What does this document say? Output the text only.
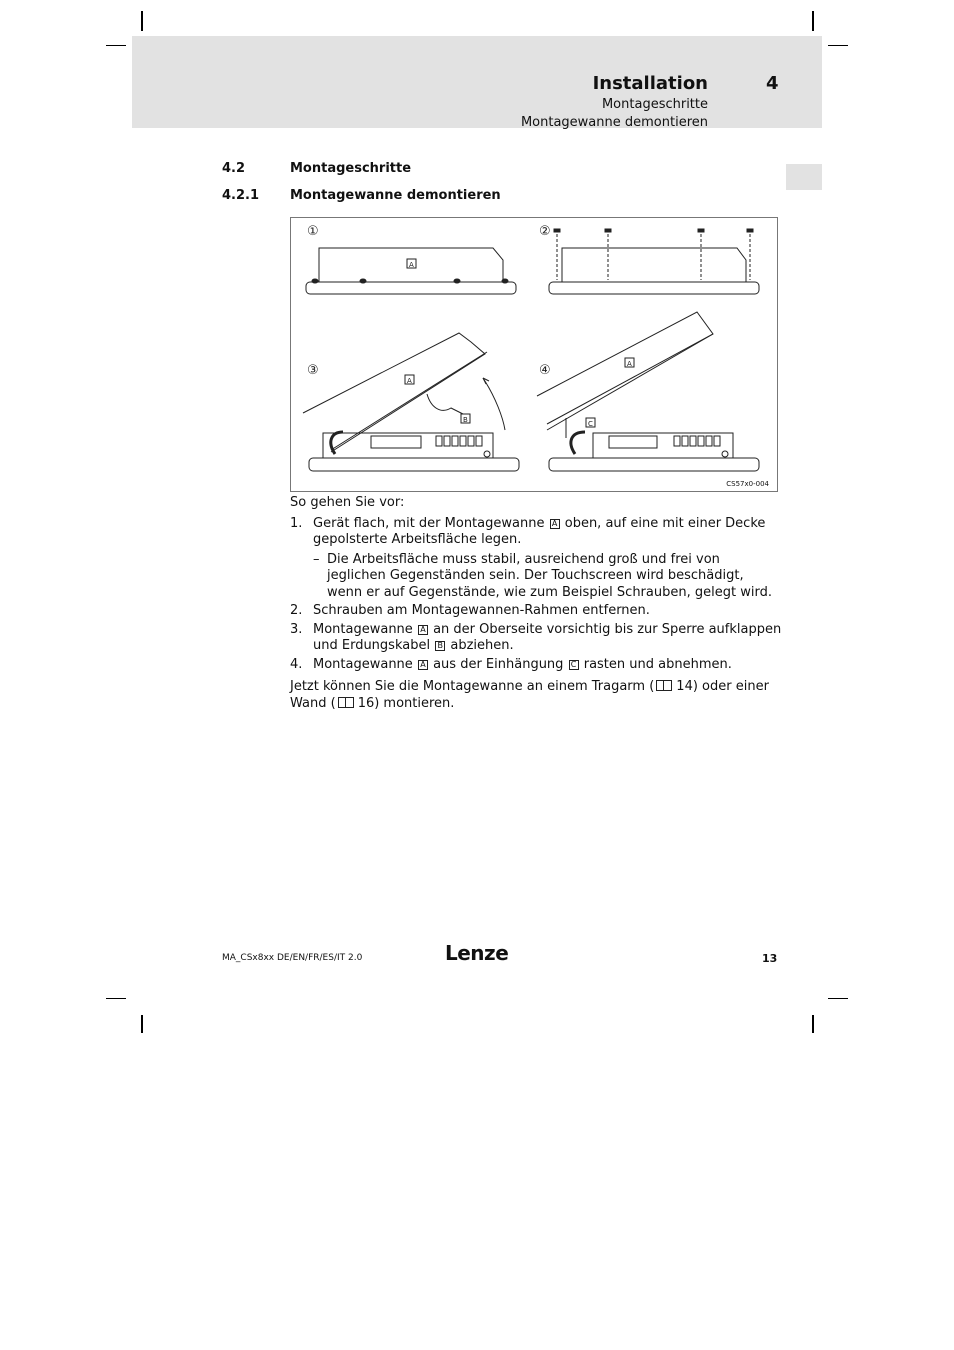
Installation	4
Montageschritte
Montagewanne demontieren
4.2	Montageschritte
4.2.1 Montagewanne demontieren
①	②
③	④
A
A
B
A
C
CS57x0-004

So gehen Sie vor:

1. Gerät flach, mit der Montagewanne A oben, auf eine mit einer Decke gepolsterte Arbeitsfläche legen.
– Die Arbeitsfläche muss stabil, ausreichend groß und frei von jeglichen Gegenständen sein. Der Touchscreen wird beschädigt, wenn er auf Gegenstände, wie zum Beispiel Schrauben, gelegt wird.
2. Schrauben am Montagewannen-Rahmen entfernen.
3. Montagewanne A an der Oberseite vorsichtig bis zur Sperre aufklappen und Erdungskabel B abziehen.
4. Montagewanne A aus der Einhängung C rasten und abnehmen.

Jetzt können Sie die Montagewanne an einem Tragarm ( 14) oder einer Wand ( 16) montieren.

MA_CSx8xx DE/EN/FR/ES/IT 2.0	Lenze	13
